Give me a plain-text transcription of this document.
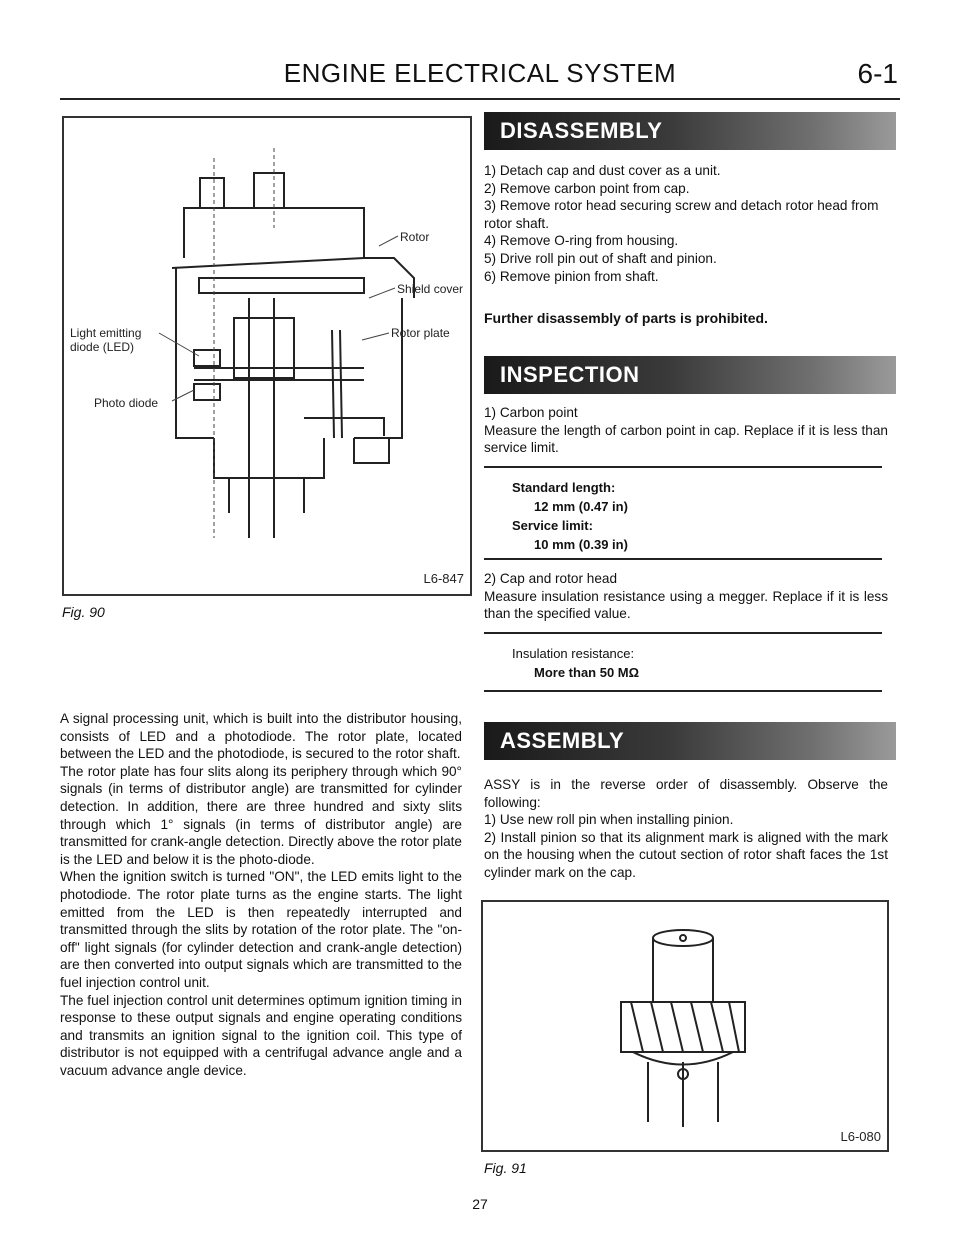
ENGINE ELECTRICAL SYSTEM	6-1
Rotor
Shield cover
Rotor plate
Light emitting
diode (LED)
Photo diode
L6-847
Fig. 90
A signal processing unit, which is built into the distributor housing, consists of LED and a photodiode. The rotor plate, located between the LED and the photodiode, is secured to the rotor shaft.
The rotor plate has four slits along its periphery through which 90° signals (in terms of distributor angle) are transmitted for cylinder detection. In addition, there are three hundred and sixty slits through which 1° signals (in terms of distributor angle) are transmitted for crank-angle detection. Directly above the rotor plate is the LED and below it is the photo-diode.
When the ignition switch is turned "ON", the LED emits light to the photodiode. The rotor plate turns as the engine starts. The light emitted from the LED is then repeatedly interrupted and transmitted through the slits by rotation of the rotor plate. The "on-off" light signals (for cylinder detection and crank-angle detection) are then converted into output signals which are transmitted to the fuel injection control unit.
The fuel injection control unit determines optimum ignition timing in response to these output signals and engine operating conditions and transmits an ignition signal to the ignition coil. This type of distributor is not equipped with a centrifugal advance angle and a vacuum advance angle device.
DISASSEMBLY
1) Detach cap and dust cover as a unit.
2) Remove carbon point from cap.
3) Remove rotor head securing screw and detach rotor head from rotor shaft.
4) Remove O-ring from housing.
5) Drive roll pin out of shaft and pinion.
6) Remove pinion from shaft.
Further disassembly of parts is prohibited.
INSPECTION
1) Carbon point
Measure the length of carbon point in cap. Replace if it is less than service limit.
Standard length:
12 mm (0.47 in)
Service limit:
10 mm (0.39 in)
2) Cap and rotor head
Measure insulation resistance using a megger. Replace if it is less than the specified value.
Insulation resistance:
More than 50 MΩ
ASSEMBLY
ASSY is in the reverse order of disassembly. Observe the following:
1) Use new roll pin when installing pinion.
2) Install pinion so that its alignment mark is aligned with the mark on the housing when the cutout section of rotor shaft faces the 1st cylinder mark on the cap.
L6-080
Fig. 91
27
